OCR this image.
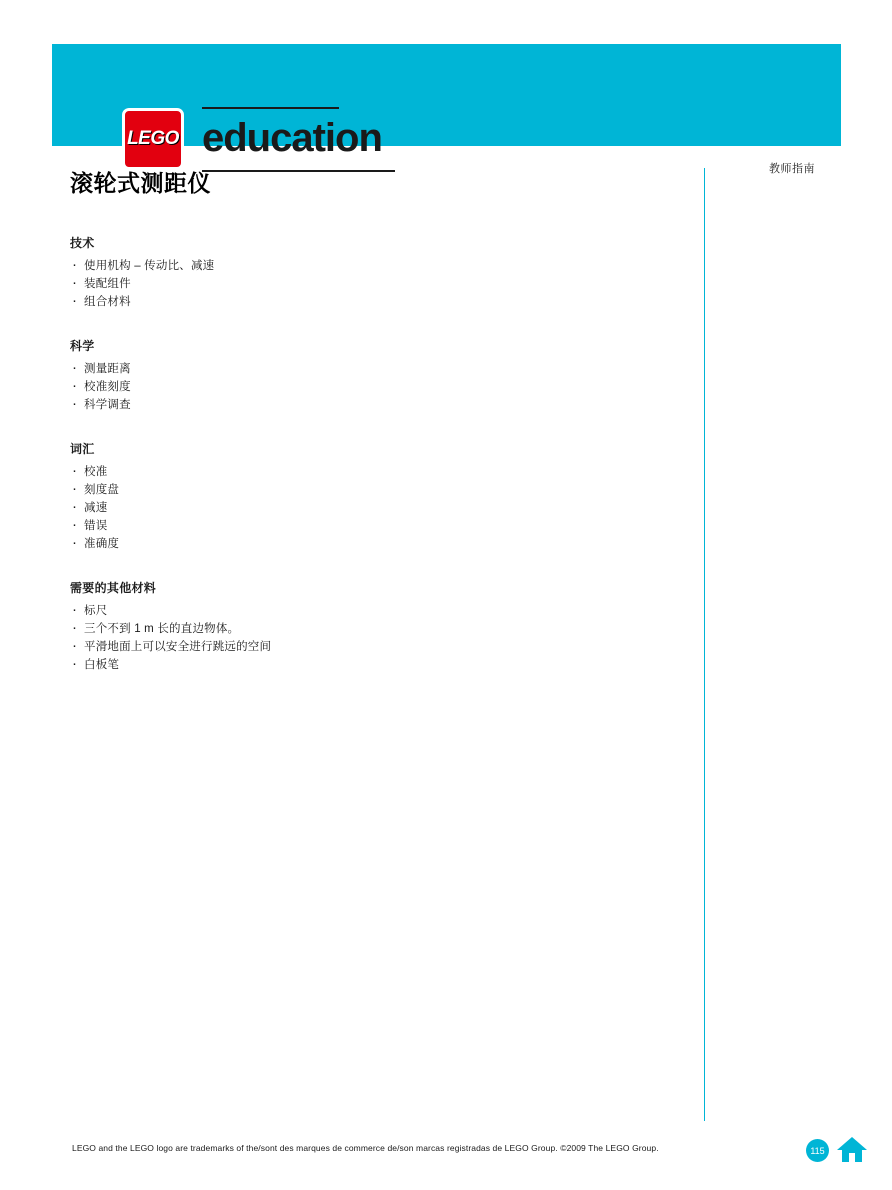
LEGO education
教师指南
滚轮式测距仪
技术
· 使用机构 – 传动比、减速
· 装配组件
· 组合材料
科学
· 测量距离
· 校准刻度
· 科学调查
词汇
· 校准
· 刻度盘
· 减速
· 错误
· 准确度
需要的其他材料
· 标尺
· 三个不到 1 m 长的直边物体。
· 平滑地面上可以安全进行跳远的空间
· 白板笔
LEGO and the LEGO logo are trademarks of the/sont des marques de commerce de/son marcas registradas de LEGO Group. ©2009 The LEGO Group.	115
